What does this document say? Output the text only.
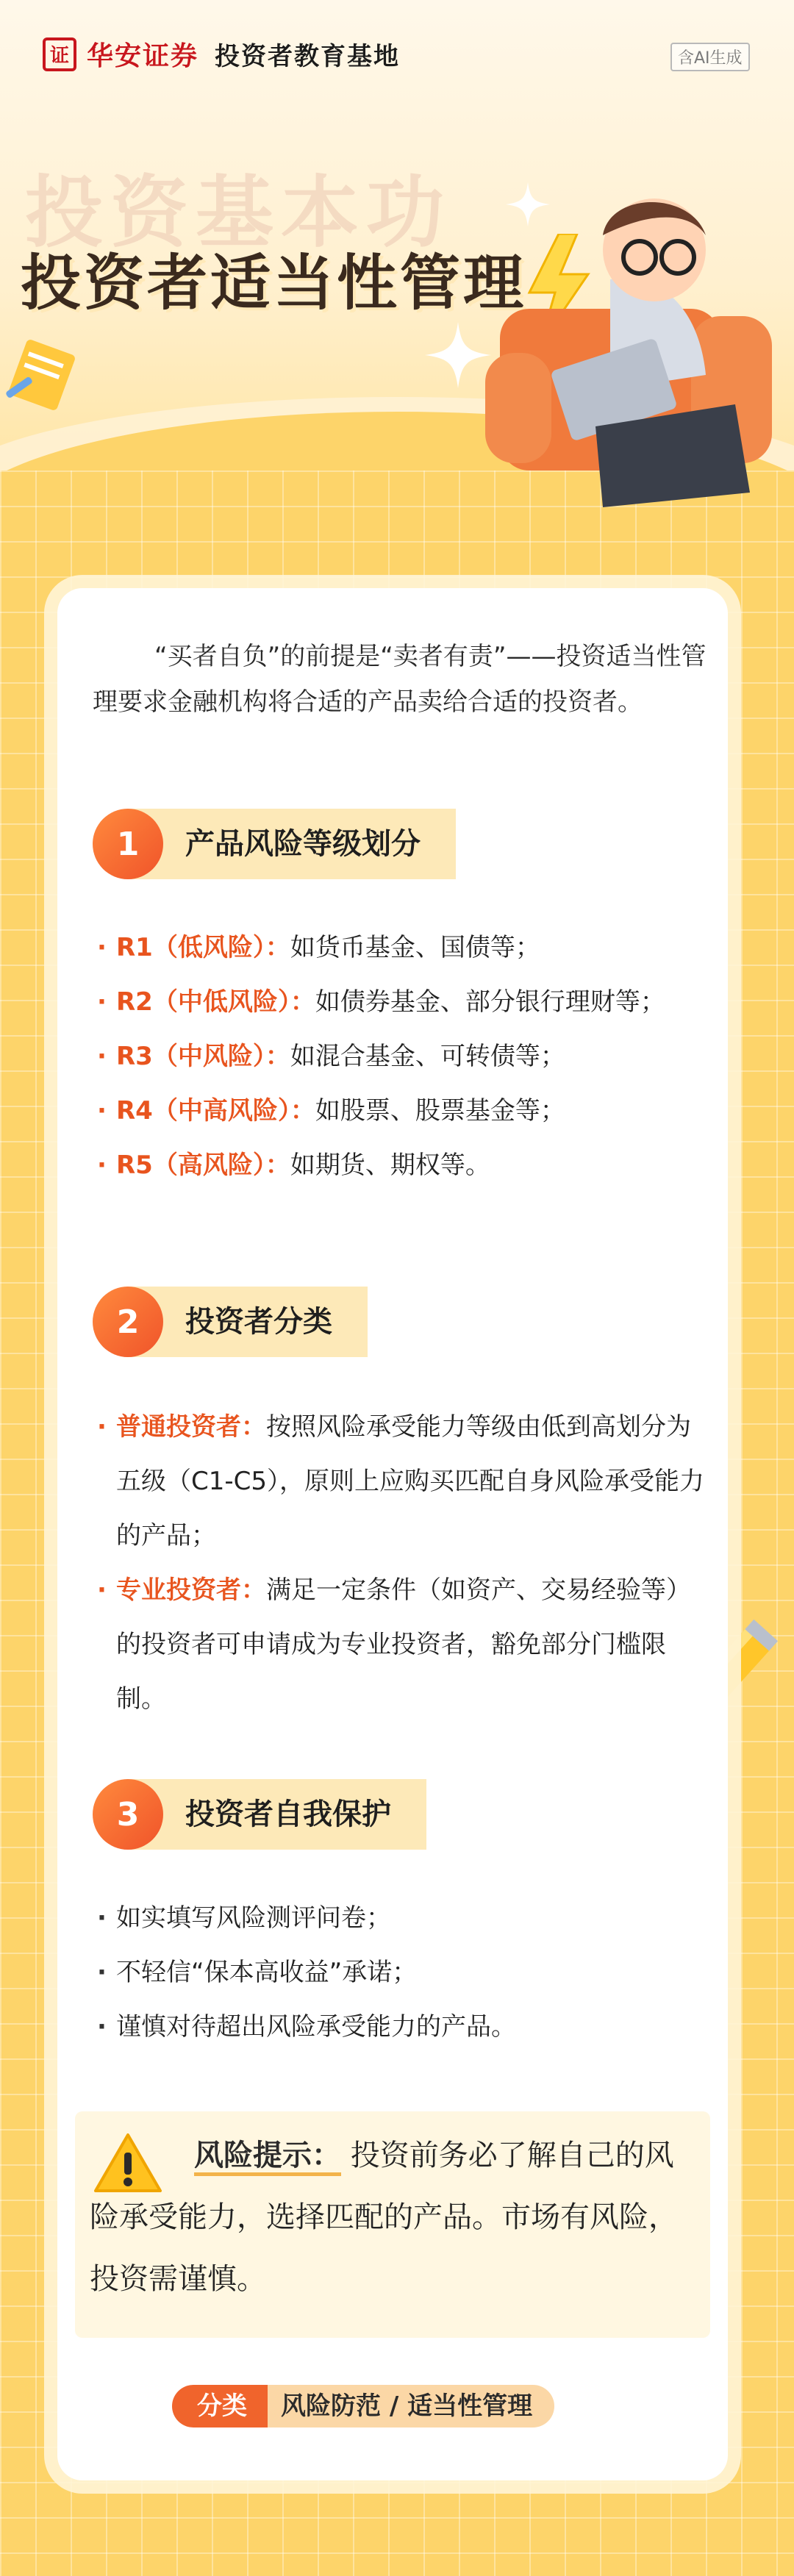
证 华安证券 投资者教育基地	含AI生成
投资基本功
投资者适当性管理
“买者自负”的前提是“卖者有责”——投资适当性管理要求金融机构将合适的产品卖给合适的投资者。
1	产品风险等级划分
· R1（低风险）：如货币基金、国债等；
· R2（中低风险）：如债券基金、部分银行理财等；
· R3（中风险）：如混合基金、可转债等；
· R4（中高风险）：如股票、股票基金等；
· R5（高风险）：如期货、期权等。
2	投资者分类
· 普通投资者：按照风险承受能力等级由低到高划分为五级（C1-C5），原则上应购买匹配自身风险承受能力的产品；
· 专业投资者：满足一定条件（如资产、交易经验等）的投资者可申请成为专业投资者，豁免部分门槛限制。
3	投资者自我保护
· 如实填写风险测评问卷；
· 不轻信“保本高收益”承诺；
· 谨慎对待超出风险承受能力的产品。
风险提示： 投资前务必了解自己的风险承受能力，选择匹配的产品。市场有风险，投资需谨慎。
分类	风险防范 / 适当性管理
